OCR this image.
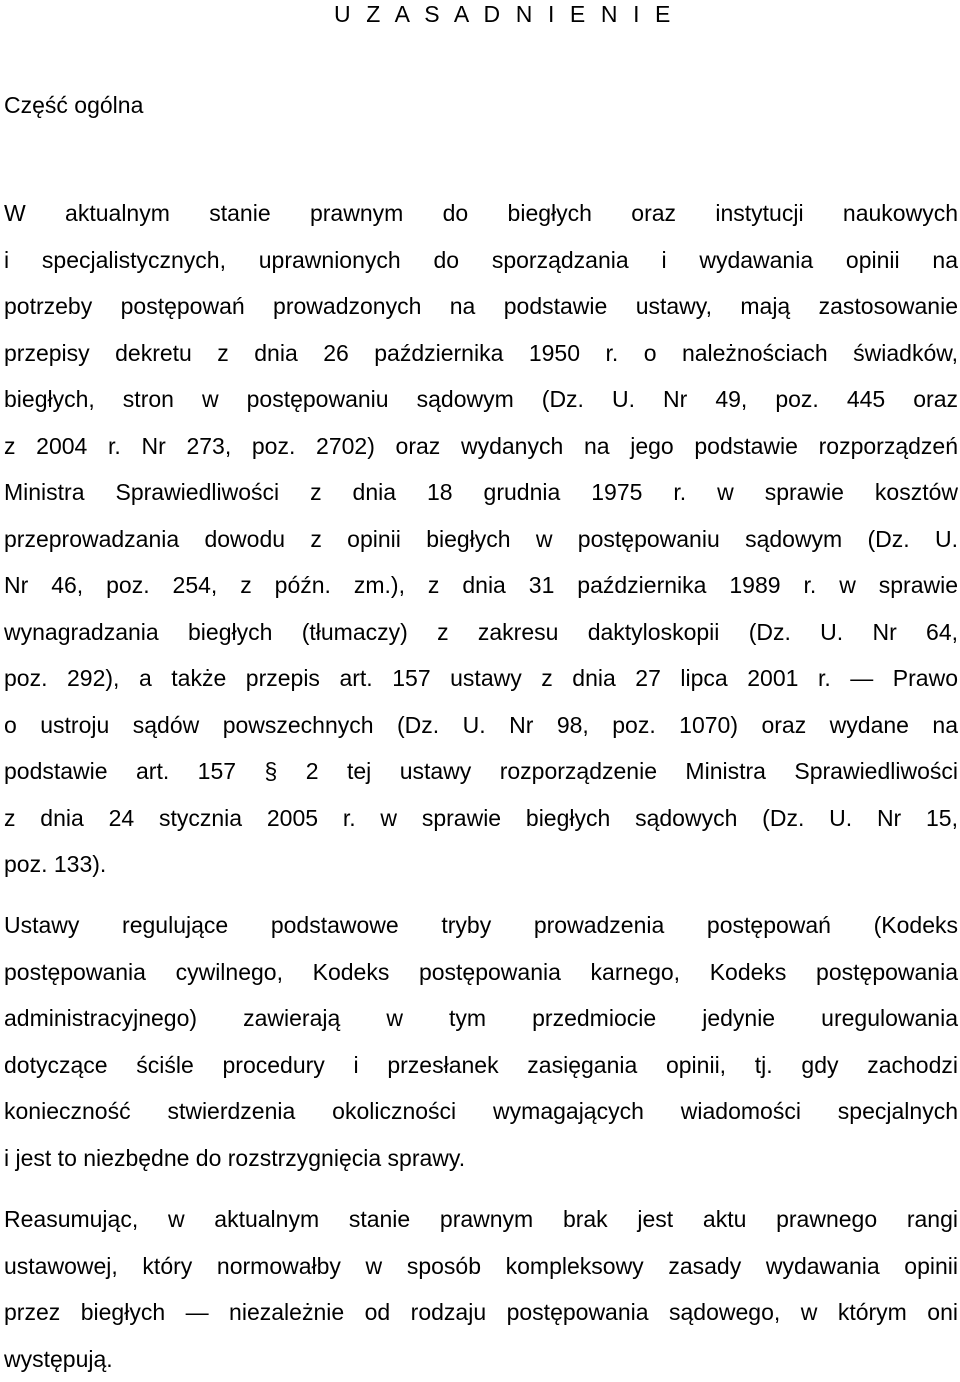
U Z A S A D N I E N I E
Część ogólna
W aktualnym stanie prawnym do biegłych oraz instytucji naukowych
i specjalistycznych, uprawnionych do sporządzania i wydawania opinii na
potrzeby postępowań prowadzonych na podstawie ustawy, mają zastosowanie
przepisy dekretu z dnia 26 października 1950 r. o należnościach świadków,
biegłych, stron w postępowaniu sądowym (Dz. U. Nr 49, poz. 445 oraz
z 2004 r. Nr 273, poz. 2702) oraz wydanych na jego podstawie rozporządzeń
Ministra Sprawiedliwości z dnia 18 grudnia 1975 r. w sprawie kosztów
przeprowadzania dowodu z opinii biegłych w postępowaniu sądowym (Dz. U.
Nr 46, poz. 254, z późn. zm.), z dnia 31 października 1989 r. w sprawie
wynagradzania biegłych (tłumaczy) z zakresu daktyloskopii (Dz. U. Nr 64,
poz. 292), a także przepis art. 157 ustawy z dnia 27 lipca 2001 r. ― Prawo
o ustroju sądów powszechnych (Dz. U. Nr 98, poz. 1070) oraz wydane na
podstawie art. 157 § 2 tej ustawy rozporządzenie Ministra Sprawiedliwości
z dnia 24 stycznia 2005 r. w sprawie biegłych sądowych (Dz. U. Nr 15,
poz. 133).
Ustawy regulujące podstawowe tryby prowadzenia postępowań (Kodeks
postępowania cywilnego, Kodeks postępowania karnego, Kodeks postępowania
administracyjnego) zawierają w tym przedmiocie jedynie uregulowania
dotyczące ściśle procedury i przesłanek zasięgania opinii, tj. gdy zachodzi
konieczność stwierdzenia okoliczności wymagających wiadomości specjalnych
i jest to niezbędne do rozstrzygnięcia sprawy.
Reasumując, w aktualnym stanie prawnym brak jest aktu prawnego rangi
ustawowej, który normowałby w sposób kompleksowy zasady wydawania opinii
przez biegłych ― niezależnie od rodzaju postępowania sądowego, w którym oni
występują.
